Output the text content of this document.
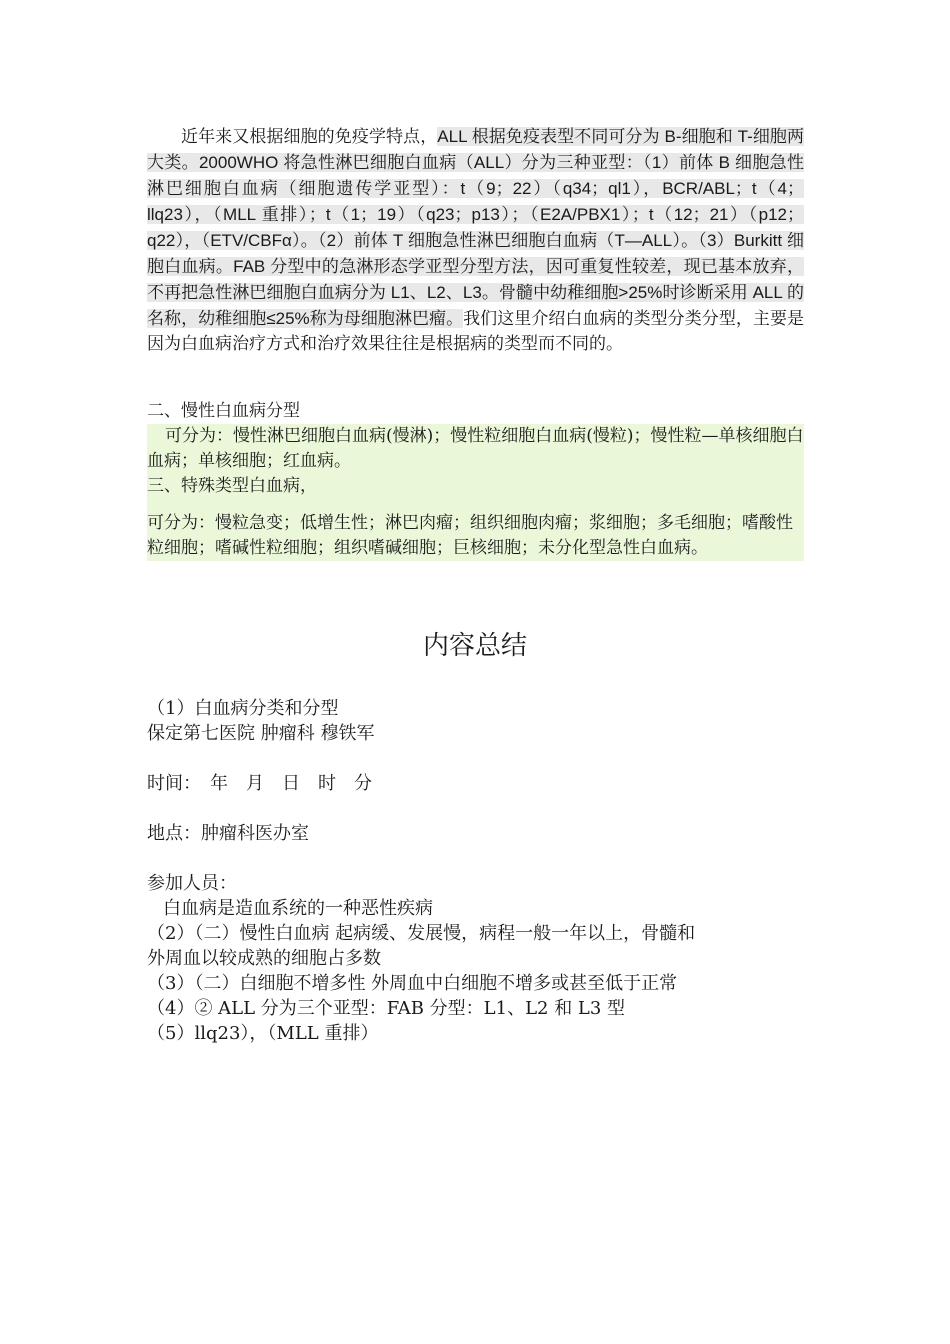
近年来又根据细胞的免疫学特点，ALL 根据免疫表型不同可分为 B-细胞和 T-细胞两大类。2000WHO 将急性淋巴细胞白血病（ALL）分为三种亚型：（1）前体 B 细胞急性淋巴细胞白血病（细胞遗传学亚型）：t（9；22）（q34；ql1），BCR/ABL；t（4；llq23），（MLL 重排）；t（1；19）（q23；p13）；（E2A/PBX1）；t（12；21）（p12；q22），（ETV/CBFα）。（2）前体 T 细胞急性淋巴细胞白血病（T—ALL）。（3）Burkitt 细胞白血病。FAB 分型中的急淋形态学亚型分型方法，因可重复性较差，现已基本放弃，不再把急性淋巴细胞白血病分为 L1、L2、L3。骨髓中幼稚细胞>25%时诊断采用 ALL 的名称，幼稚细胞≤25%称为母细胞淋巴瘤。我们这里介绍白血病的类型分类分型，主要是因为白血病治疗方式和治疗效果往往是根据病的类型而不同的。

二、慢性白血病分型

可分为：慢性淋巴细胞白血病(慢淋)；慢性粒细胞白血病(慢粒)；慢性粒—单核细胞白血病；单核细胞；红血病。

三、特殊类型白血病，

可分为：慢粒急变；低增生性；淋巴肉瘤；组织细胞肉瘤；浆细胞；多毛细胞；嗜酸性粒细胞；嗜碱性粒细胞；组织嗜碱细胞；巨核细胞；未分化型急性白血病。

内容总结
（1）白血病分类和分型
保定第七医院 肿瘤科 穆铁军
时间：　年　月　日　时　分
地点：肿瘤科医办室
参加人员：
白血病是造血系统的一种恶性疾病
（2）（二）慢性白血病 起病缓、发展慢，病程一般一年以上，骨髓和
外周血以较成熟的细胞占多数
（3）（二）白细胞不增多性 外周血中白细胞不增多或甚至低于正常
（4）② ALL 分为三个亚型：FAB 分型：L1、L2 和 L3 型
（5）llq23），（MLL 重排）
